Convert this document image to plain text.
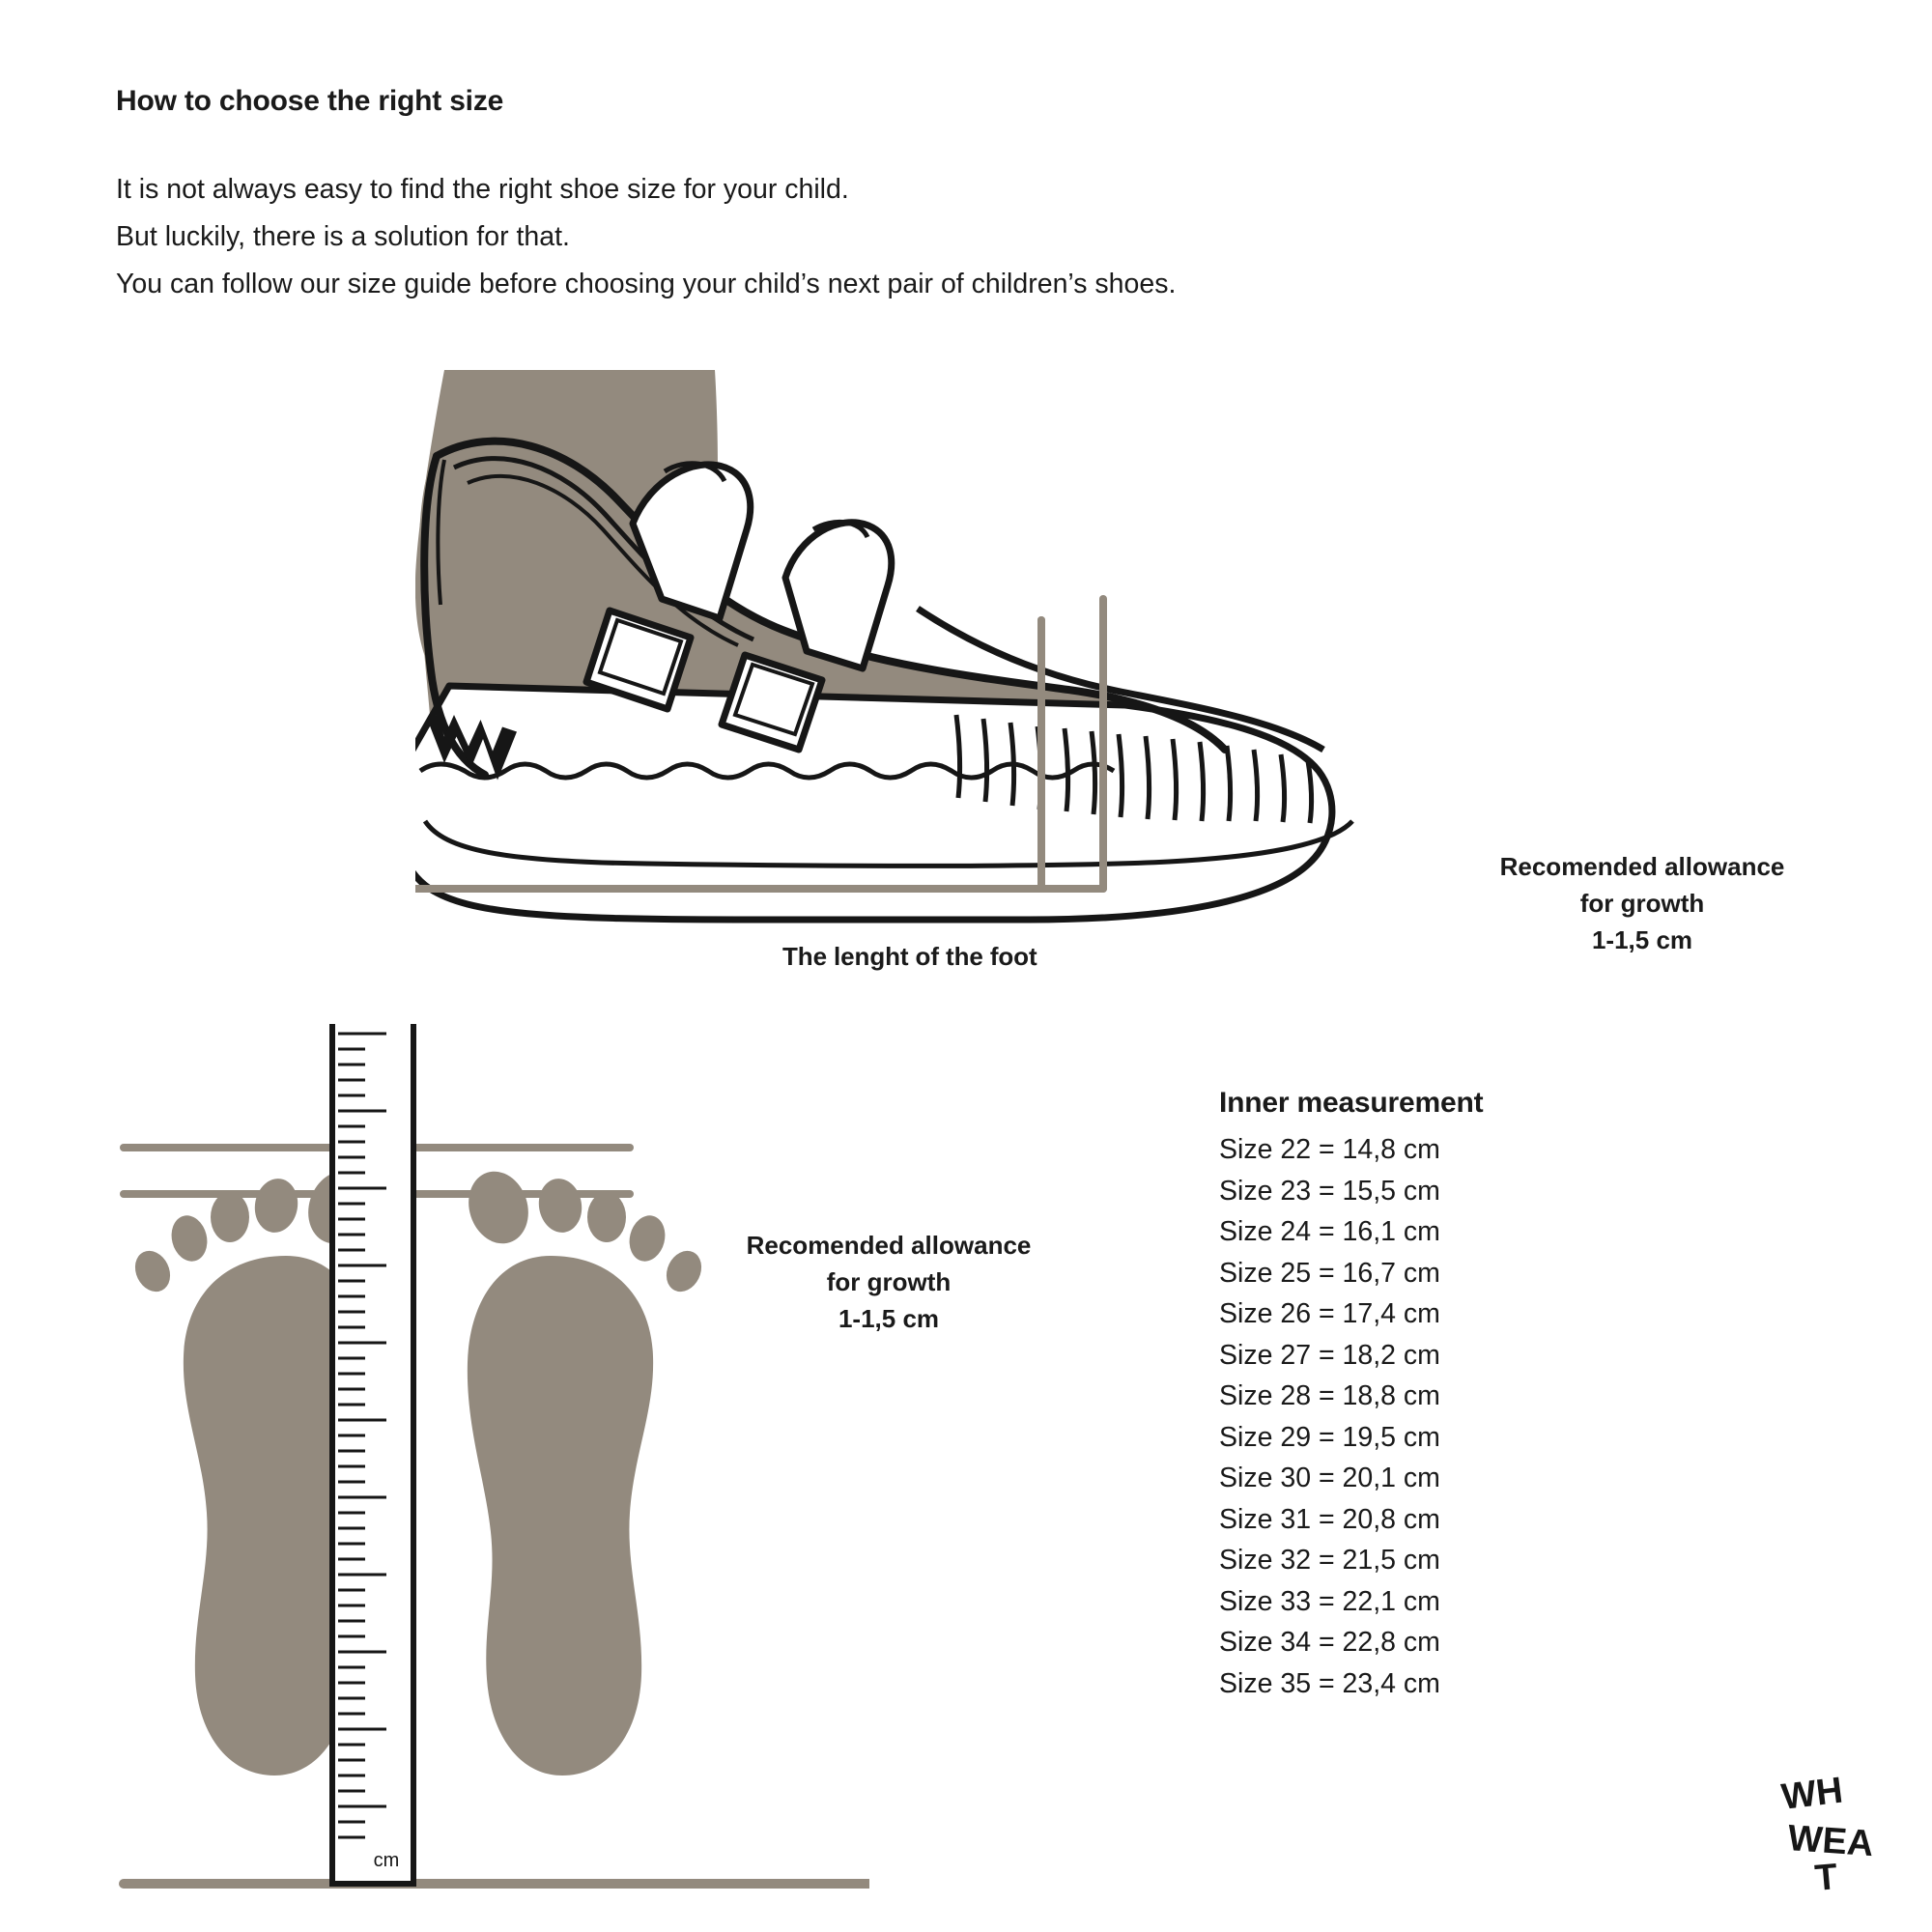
How to choose the right size
It is not always easy to find the right shoe size for your child.
But luckily, there is a solution for that.
You can follow our size guide before choosing your child’s next pair of children’s shoes.
The lenght of the foot
Recomended allowance
for growth
1-1,5 cm
cm
Recomended allowance
for growth
1-1,5 cm
Inner measurement
Size 22 = 14,8 cm
Size 23 = 15,5 cm
Size 24 = 16,1 cm
Size 25 = 16,7 cm
Size 26 = 17,4 cm
Size 27 = 18,2 cm
Size 28 = 18,8 cm
Size 29 = 19,5 cm
Size 30 = 20,1 cm
Size 31 = 20,8 cm
Size 32 = 21,5 cm
Size 33 = 22,1 cm
Size 34 = 22,8 cm
Size 35 = 23,4 cm
WH
WEA
T
